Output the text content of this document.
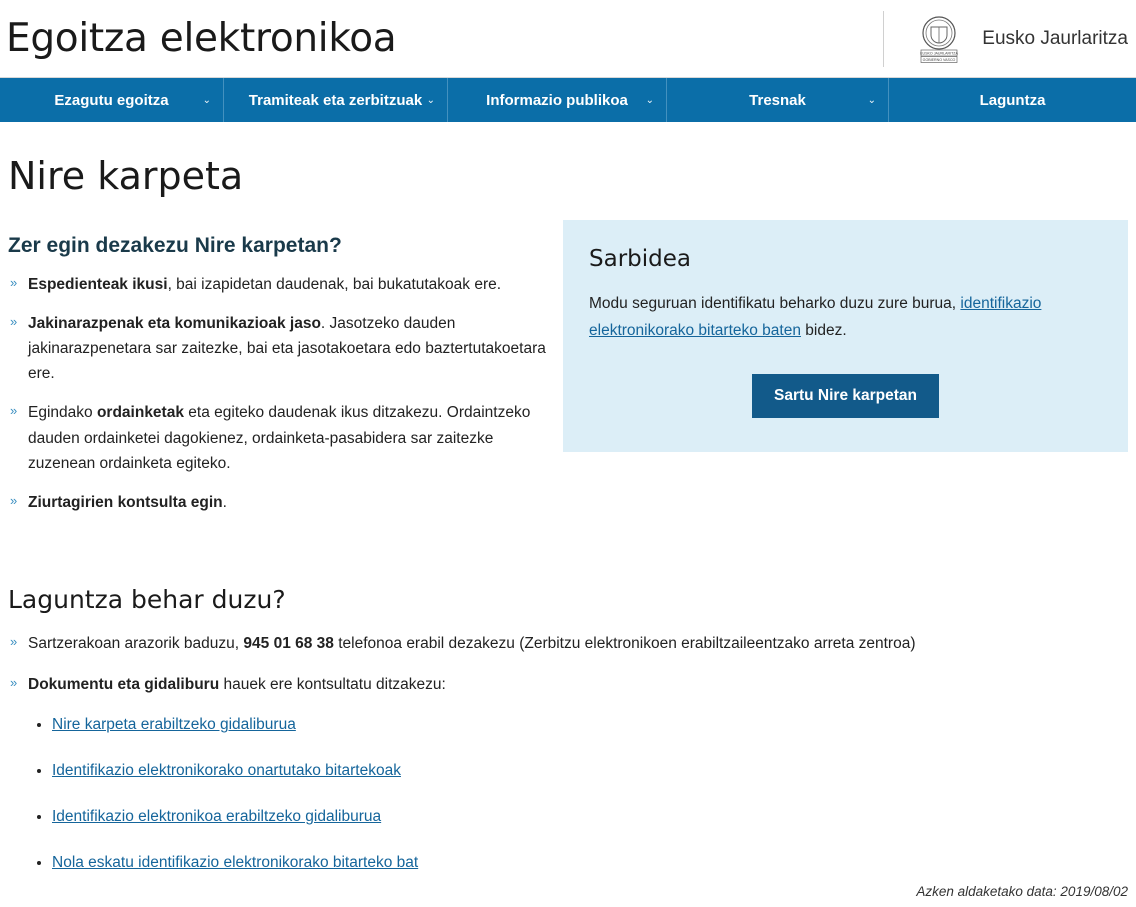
Egoitza elektronikoa	EUSKO JAURLARITZA
GOBIERNO VASCO
Eusko Jaurlaritza
Ezagutu egoitza	⌄	Tramiteak eta zerbitzuak ⌄	Informazio publikoa ⌄	Tresnak	⌄	Laguntza
Nire karpeta
Zer egin dezakezu Nire karpetan?
» Espedienteak ikusi, bai izapidetan daudenak, bai bukatutakoak ere.
» Jakinarazpenak eta komunikazioak jaso. Jasotzeko dauden jakinarazpenetara sar zaitezke, bai eta jasotakoetara edo baztertutakoetara ere.
» Egindako ordainketak eta egiteko daudenak ikus ditzakezu. Ordaintzeko dauden ordainketei dagokienez, ordainketa-pasabidera sar zaitezke zuzenean ordainketa egiteko.
» Ziurtagirien kontsulta egin.
Sarbidea

Modu seguruan identifikatu beharko duzu zure burua, identifikazio elektronikorako bitarteko baten bidez.

Sartu Nire karpetan
Laguntza behar duzu?
» Sartzerakoan arazorik baduzu, 945 01 68 38 telefonoa erabil dezakezu (Zerbitzu elektronikoen erabiltzaileentzako arreta zentroa)
» Dokumentu eta gidaliburu hauek ere kontsultatu ditzakezu:
• Nire karpeta erabiltzeko gidaliburua
• Identifikazio elektronikorako onartutako bitartekoak
• Identifikazio elektronikoa erabiltzeko gidaliburua
• Nola eskatu identifikazio elektronikorako bitarteko bat
Azken aldaketako data: 2019/08/02
